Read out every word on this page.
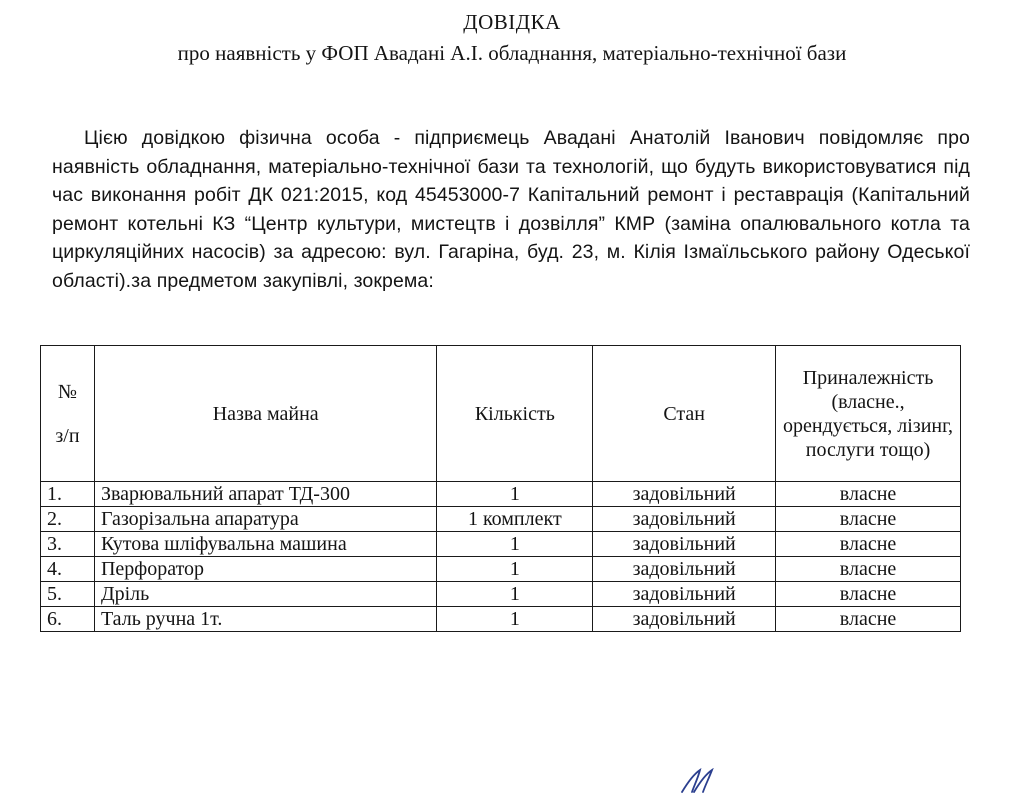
ДОВІДКА
про наявність у ФОП Авадані А.І. обладнання, матеріально-технічної бази
Цією довідкою фізична особа - підприємець Авадані Анатолій Іванович повідомляє про наявність обладнання, матеріально-технічної бази та технологій, що будуть використовуватися під час виконання робіт ДК 021:2015, код 45453000-7 Капітальний ремонт і реставрація (Капітальний ремонт котельні КЗ “Центр культури, мистецтв і дозвілля” КМР (заміна опалювального котла та циркуляційних насосів) за адресою: вул. Гагаріна, буд. 23, м. Кілія Ізмаїльського району Одеської області).за предметом закупівлі, зокрема:
№
з/п	Назва майна	Кількість	Стан	Приналежність (власне., орендується, лізинг, послуги тощо)
1.	Зварювальний апарат ТД-300	1	задовільний	власне
2.	Газорізальна апаратура	1 комплект	задовільний	власне
3.	Кутова шліфувальна машина	1	задовільний	власне
4.	Перфоратор	1	задовільний	власне
5.	Дріль	1	задовільний	власне
6.	Таль ручна 1т.	1	задовільний	власне
